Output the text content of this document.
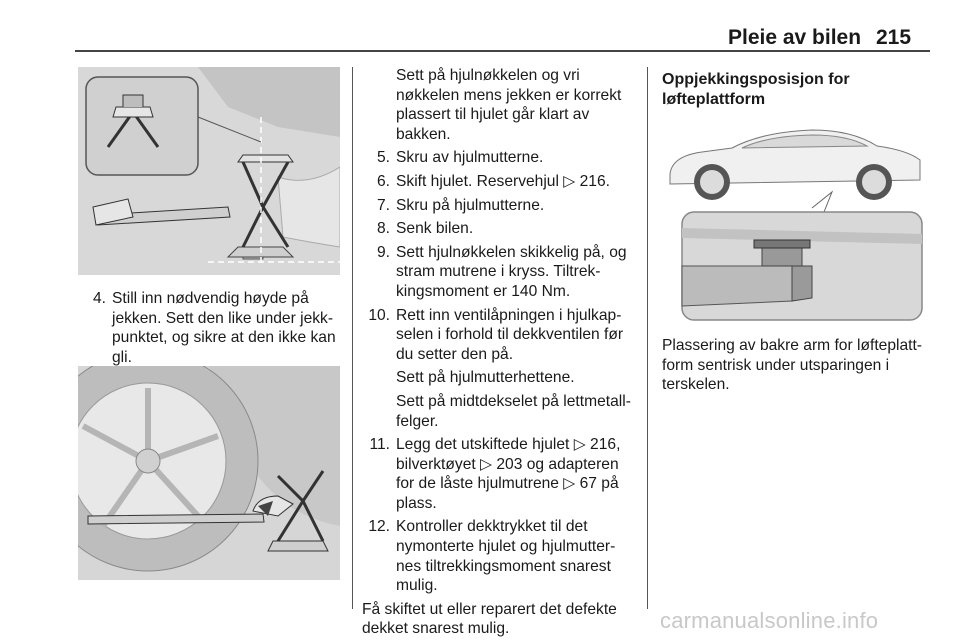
Pleie av bilen 215
4. Still inn nødvendig høyde på
jekken. Sett den like under jekk-
punktet, og sikre at den ikke kan
gli.

Sett på hjulnøkkelen og vri
nøkkelen mens jekken er korrekt
plassert til hjulet går klart av
bakken.

5. Skru av hjulmutterne.
6. Skift hjulet. Reservehjul ▷ 216.
7. Skru på hjulmutterne.
8. Senk bilen.
9. Sett hjulnøkkelen skikkelig på, og
stram mutrene i kryss. Tiltrek-
kingsmoment er 140 Nm.
10. Rett inn ventilåpningen i hjulkap-
selen i forhold til dekkventilen før
du setter den på.

Sett på hjulmutterhettene.

Sett på midtdekselet på lettmetall-
felger.

11. Legg det utskiftede hjulet ▷ 216,
bilverktøyet ▷ 203 og adapteren
for de låste hjulmutrene ▷ 67 på
plass.
12. Kontroller dekktrykket til det
nymonterte hjulet og hjulmutter-
nes tiltrekkingsmoment snarest
mulig.

Få skiftet ut eller reparert det defekte
dekket snarest mulig.

Oppjekkingsposisjon for
løfteplattform
Plassering av bakre arm for løfteplatt-
form sentrisk under utsparingen i
terskelen.
carmanualsonline.info
